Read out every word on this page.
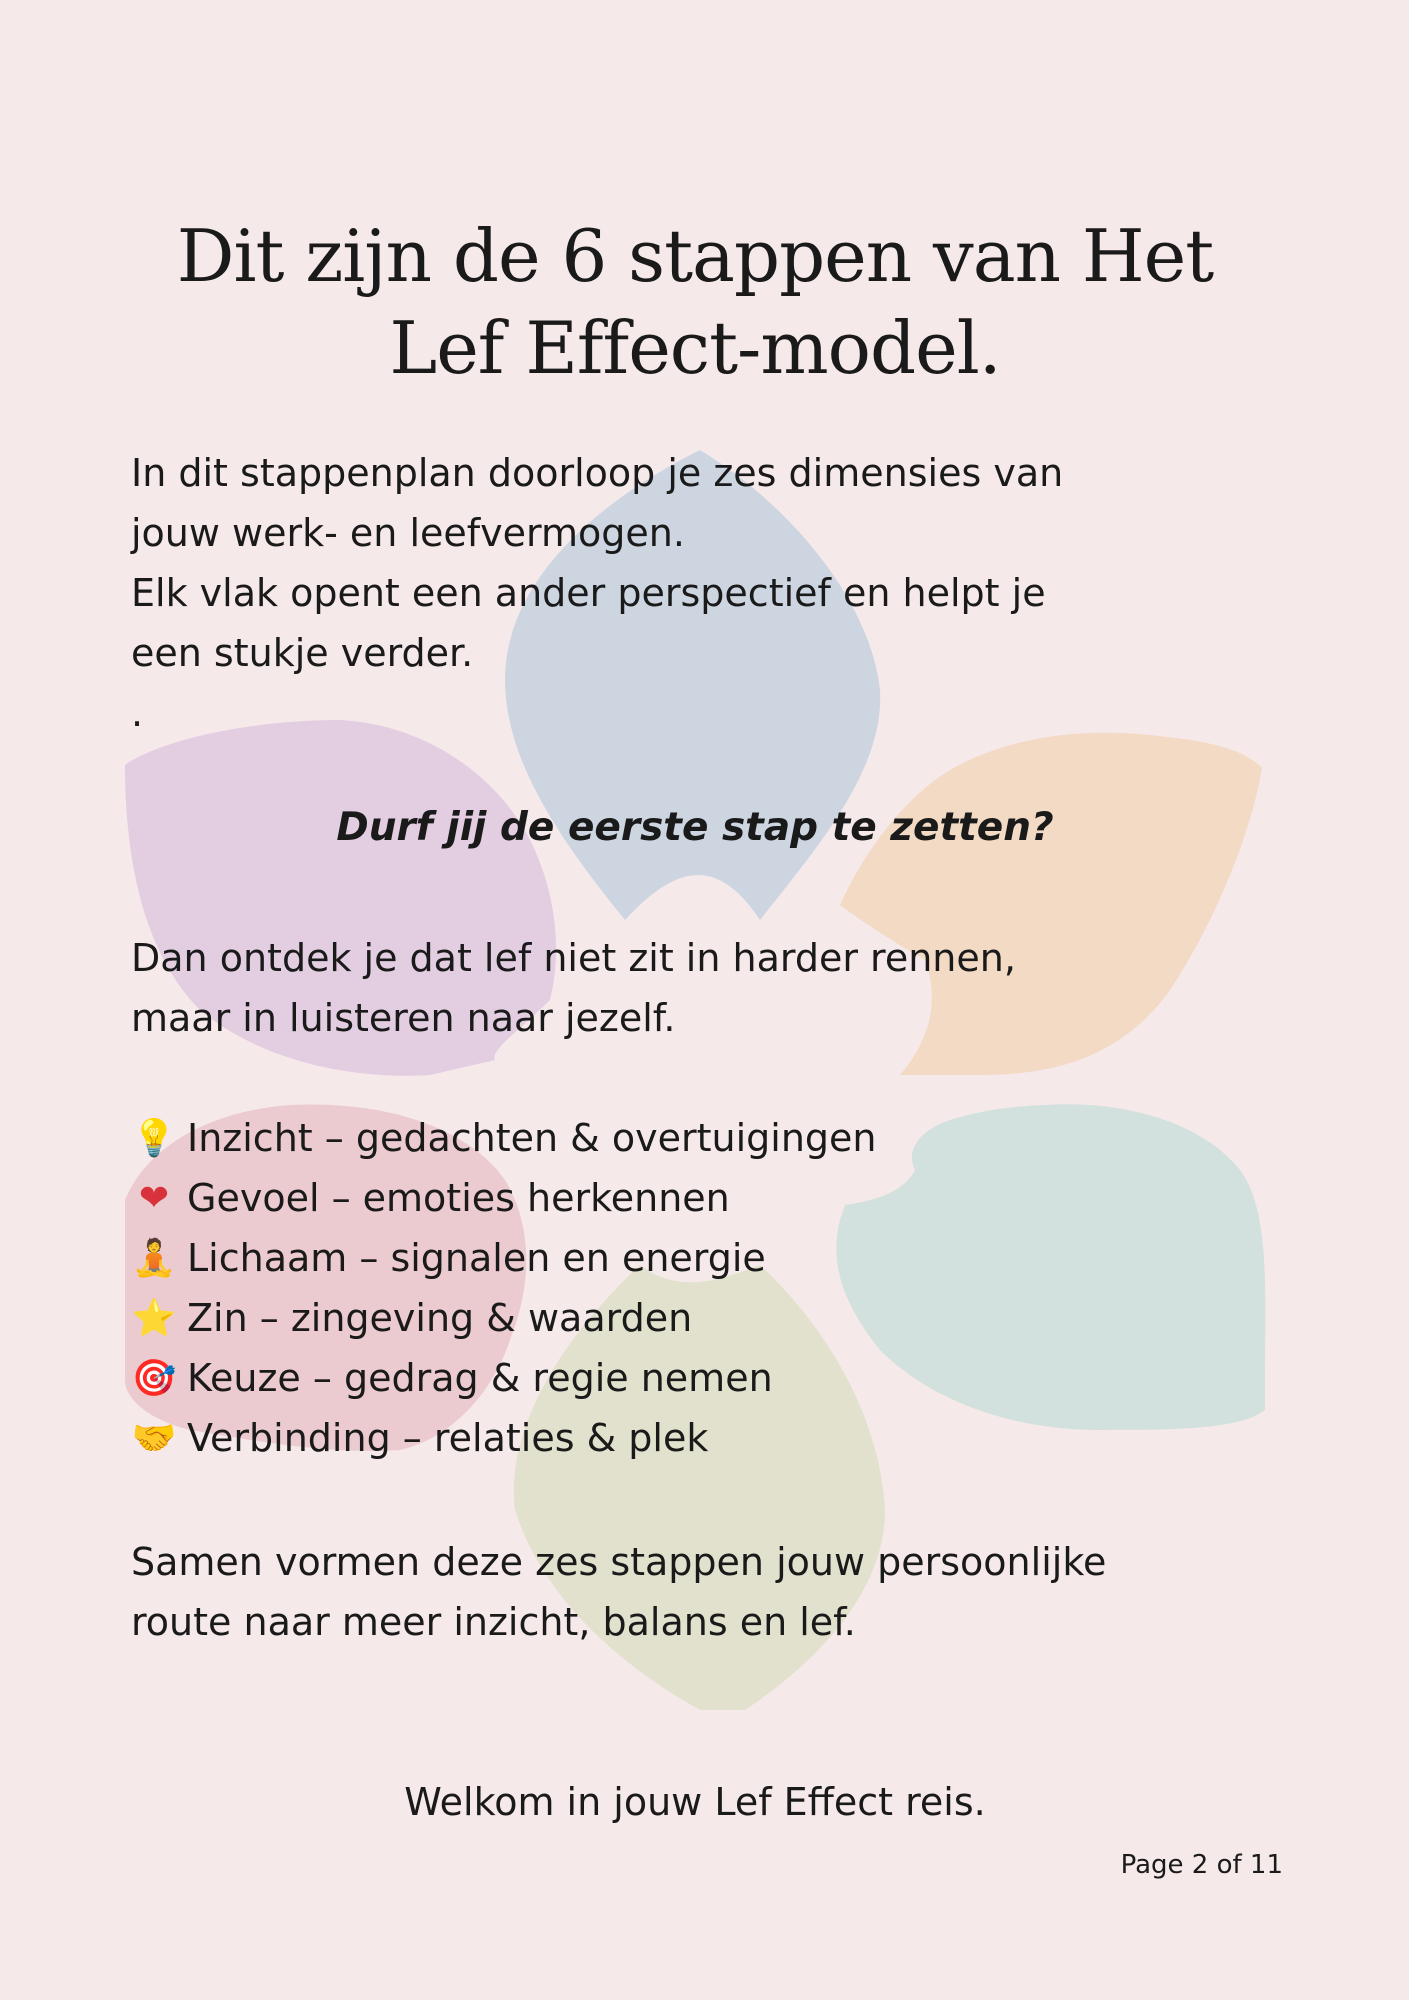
Dit zijn de 6 stappen van Het
Lef Effect-model.

In dit stappenplan doorloop je zes dimensies van
jouw werk- en leefvermogen.
Elk vlak opent een ander perspectief en helpt je
een stukje verder.
.

Durf jij de eerste stap te zetten?

Dan ontdek je dat lef niet zit in harder rennen,
maar in luisteren naar jezelf.

💡 Inzicht – gedachten & overtuigingen
❤ Gevoel – emoties herkennen
🧘 Lichaam – signalen en energie
⭐ Zin – zingeving & waarden
🎯 Keuze – gedrag & regie nemen
🤝 Verbinding – relaties & plek

Samen vormen deze zes stappen jouw persoonlijke
route naar meer inzicht, balans en lef.

Welkom in jouw Lef Effect reis.

Page 2 of 11
